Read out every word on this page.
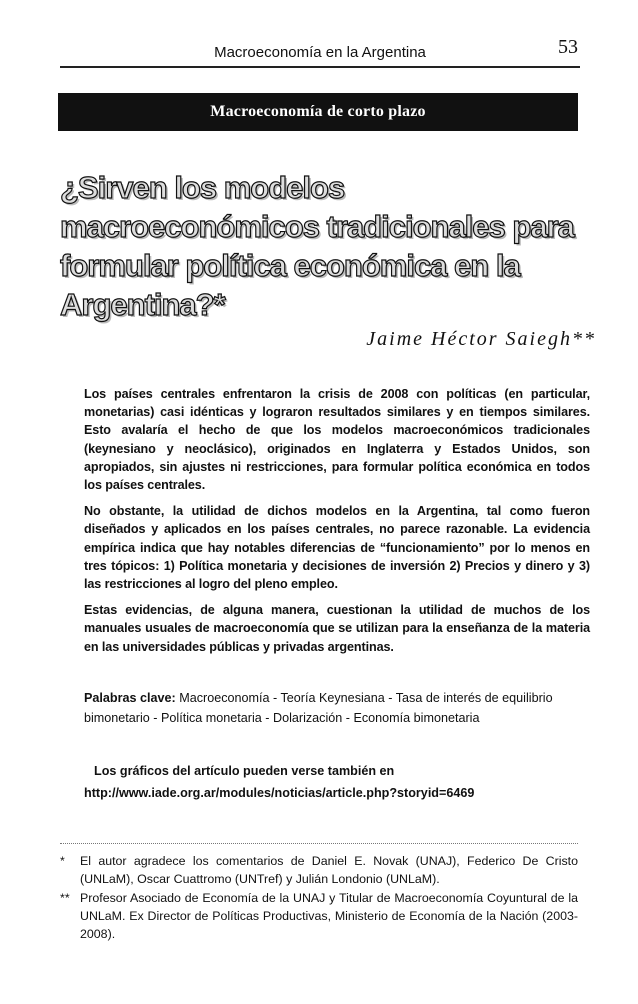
Macroeconomía en la Argentina	53
Macroeconomía de corto plazo
¿Sirven los modelos macroeconómicos tradicionales para formular política económica en la Argentina?*
Jaime Héctor Saiegh**

Los países centrales enfrentaron la crisis de 2008 con políticas (en particular, monetarias) casi idénticas y lograron resultados similares y en tiempos similares. Esto avalaría el hecho de que los modelos macroeconómicos tradicionales (keynesiano y neoclásico), originados en Inglaterra y Estados Unidos, son apropiados, sin ajustes ni restricciones, para formular política económica en todos los países centrales.

No obstante, la utilidad de dichos modelos en la Argentina, tal como fueron diseñados y aplicados en los países centrales, no parece razonable. La evidencia empírica indica que hay notables diferencias de “funcionamiento” por lo menos en tres tópicos: 1) Política monetaria y decisiones de inversión 2) Precios y dinero y 3) las restricciones al logro del pleno empleo.

Estas evidencias, de alguna manera, cuestionan la utilidad de muchos de los manuales usuales de macroeconomía que se utilizan para la enseñanza de la materia en las universidades públicas y privadas argentinas.

Palabras clave: Macroeconomía - Teoría Keynesiana - Tasa de interés de equilibrio bimonetario - Política monetaria - Dolarización - Economía bimonetaria
Los gráficos del artículo pueden verse también en
http://www.iade.org.ar/modules/noticias/article.php?storyid=6469
*	El autor agradece los comentarios de Daniel E. Novak (UNAJ), Federico De Cristo (UNLaM), Oscar Cuattromo (UNTref) y Julián Londonio (UNLaM).
** Profesor Asociado de Economía de la UNAJ y Titular de Macroeconomía Coyuntural de la UNLaM. Ex Director de Políticas Productivas, Ministerio de Economía de la Nación (2003-2008).
